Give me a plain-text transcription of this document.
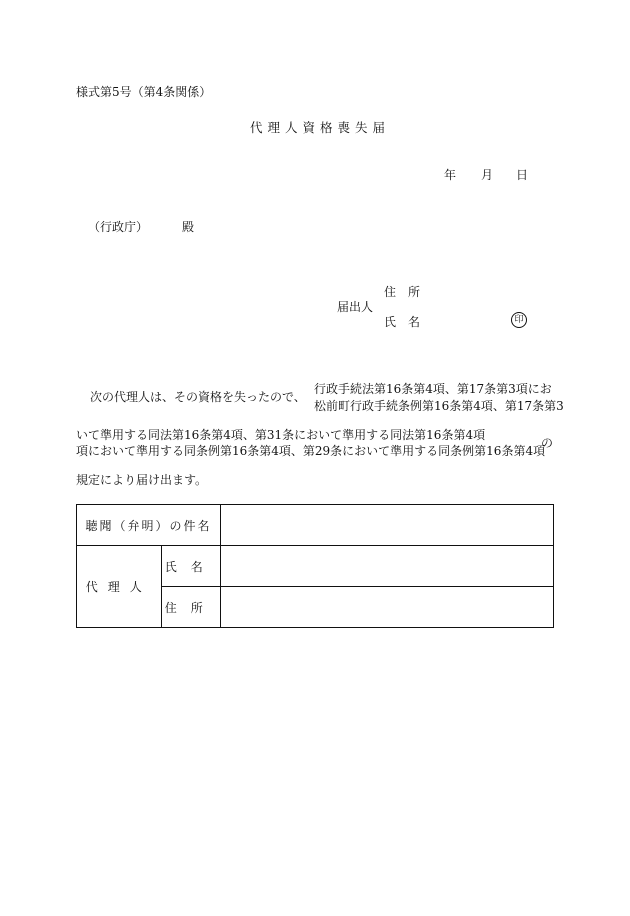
様式第5号（第4条関係）
代理人資格喪失届
年 月 日
（行政庁）	殿
届出人
住　所
氏　名	印
次の代理人は、その資格を失ったので、
行政手続法第16条第4項、第17条第3項にお
松前町行政手続条例第16条第4項、第17条第3
いて準用する同法第16条第4項、第31条において準用する同法第16条第4項
項において準用する同条例第16条第4項、第29条において準用する同条例第16条第4項
の
規定により届け出ます。
聴聞（弁明）の件名		
代理人	氏名	
	住所	
